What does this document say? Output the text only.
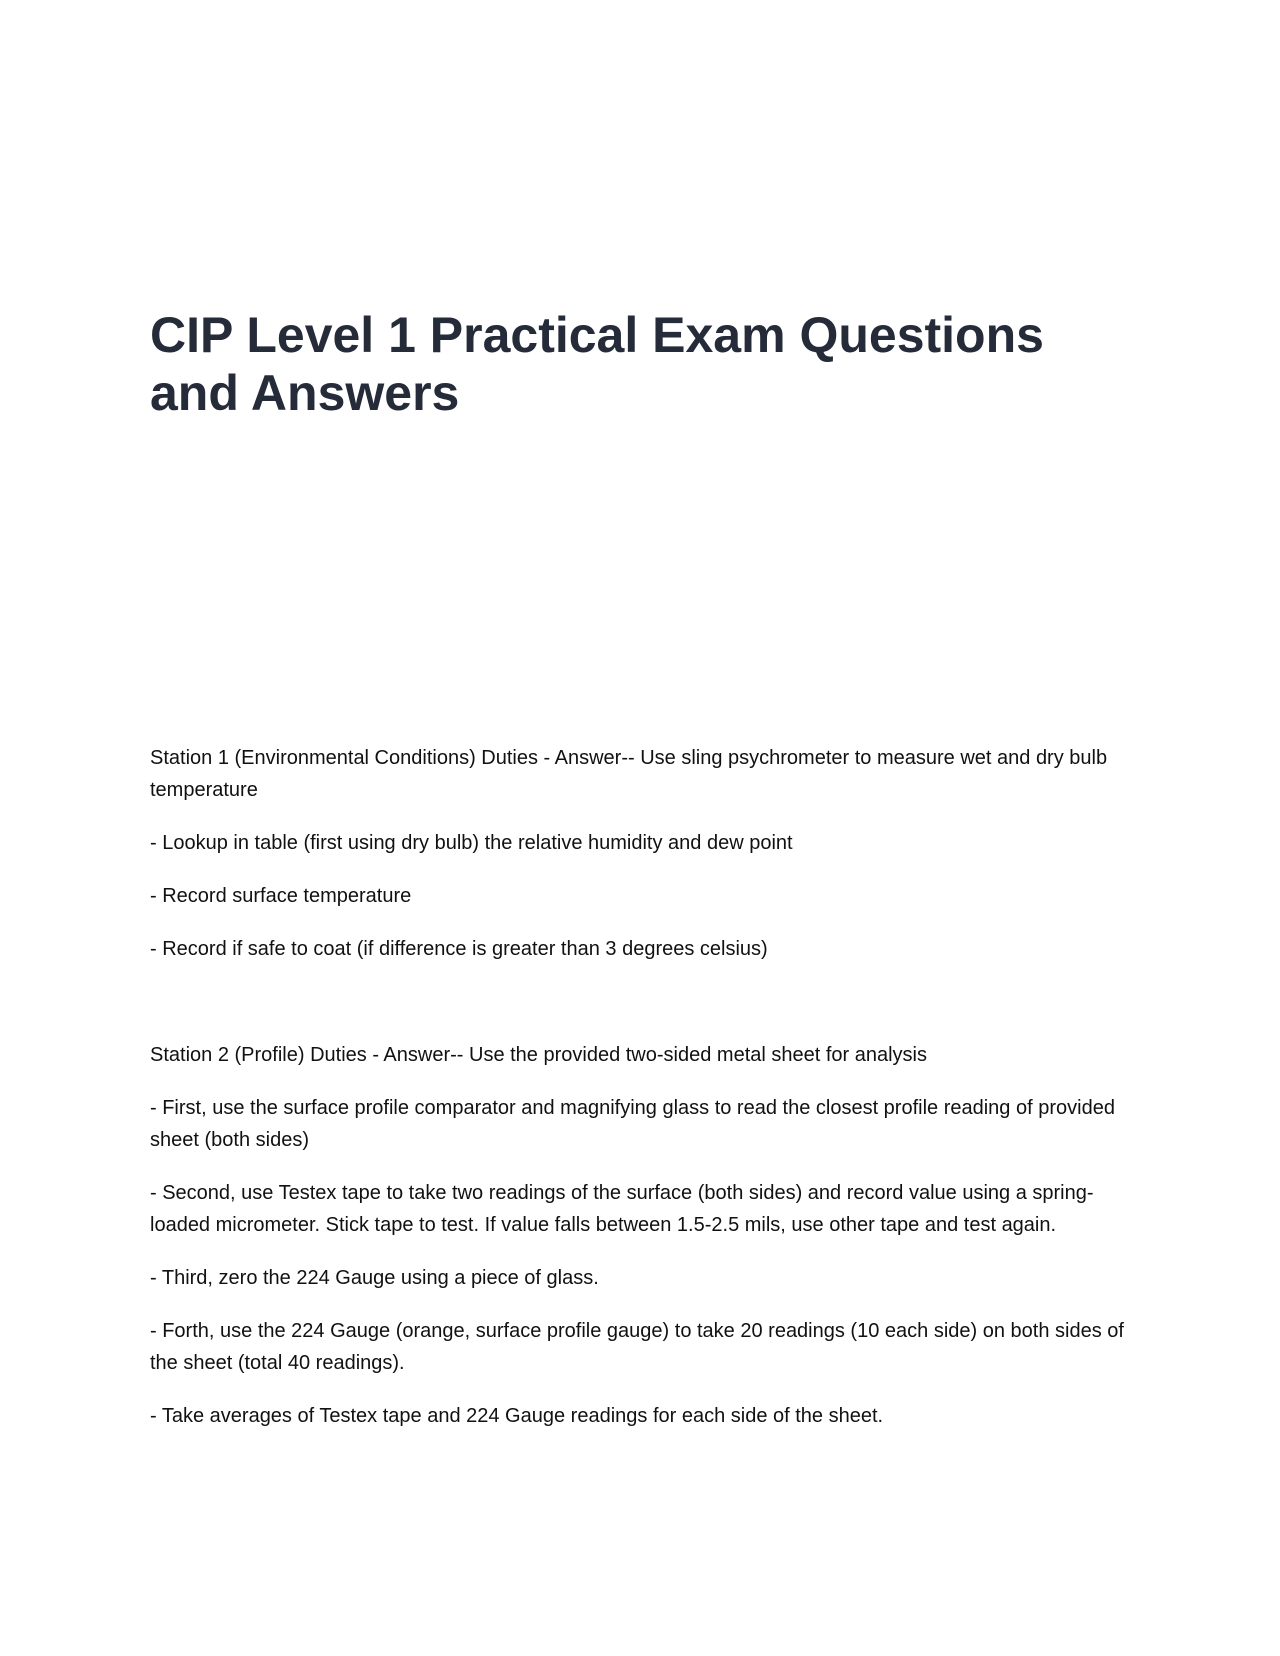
CIP Level 1 Practical Exam Questions and Answers

Station 1 (Environmental Conditions) Duties - Answer-- Use sling psychrometer to measure wet and dry bulb temperature

- Lookup in table (first using dry bulb) the relative humidity and dew point

- Record surface temperature

- Record if safe to coat (if difference is greater than 3 degrees celsius)

Station 2 (Profile) Duties - Answer-- Use the provided two-sided metal sheet for analysis

- First, use the surface profile comparator and magnifying glass to read the closest profile reading of provided sheet (both sides)

- Second, use Testex tape to take two readings of the surface (both sides) and record value using a spring-loaded micrometer. Stick tape to test. If value falls between 1.5-2.5 mils, use other tape and test again.

- Third, zero the 224 Gauge using a piece of glass.

- Forth, use the 224 Gauge (orange, surface profile gauge) to take 20 readings (10 each side) on both sides of the sheet (total 40 readings).

- Take averages of Testex tape and 224 Gauge readings for each side of the sheet.
